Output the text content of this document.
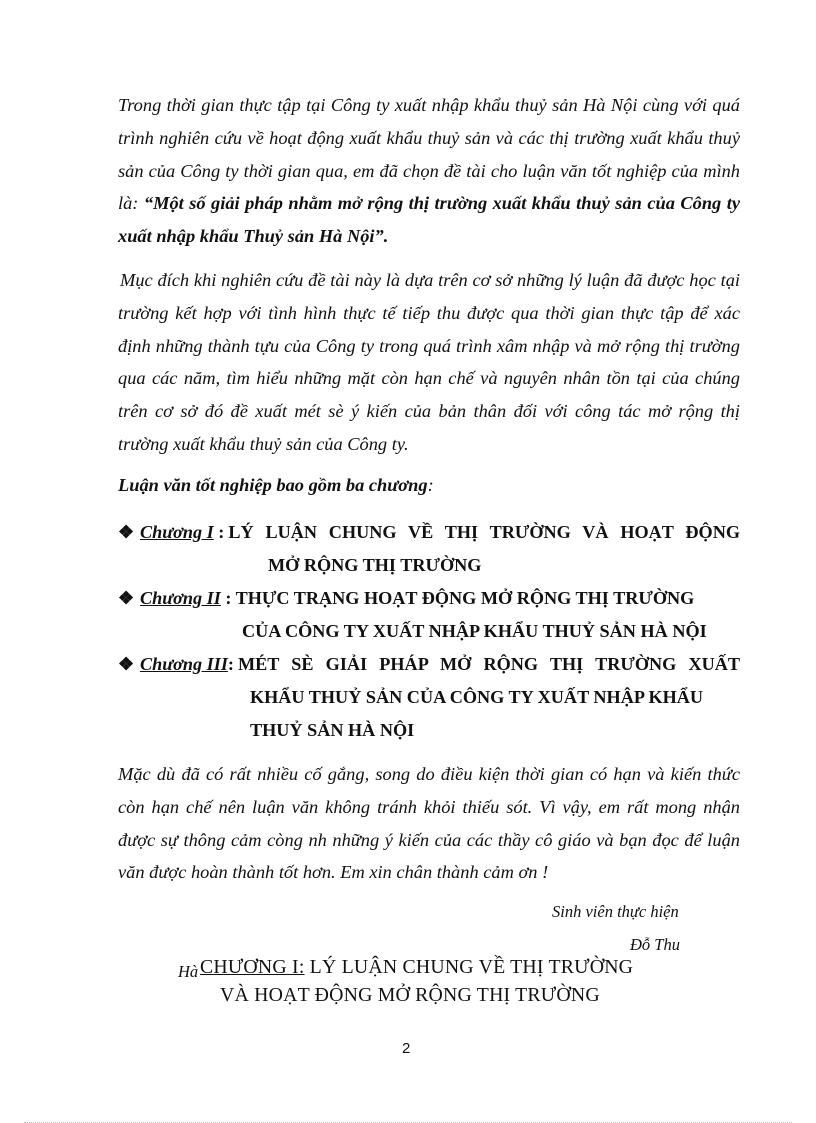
Trong thời gian thực tập tại Công ty xuất nhập khẩu thuỷ sản Hà Nội cùng với quá trình nghiên cứu về hoạt động xuất khẩu thuỷ sản và các thị trường xuất khẩu thuỷ sản của Công ty thời gian qua, em đã chọn đề tài cho luận văn tốt nghiệp của mình là: “Một số giải pháp nhằm mở rộng thị trường xuất khẩu thuỷ sản của Công ty xuất nhập khẩu Thuỷ sản Hà Nội”.

Mục đích khi nghiên cứu đề tài này là dựa trên cơ sở những lý luận đã được học tại trường kết hợp với tình hình thực tế tiếp thu được qua thời gian thực tập để xác định những thành tựu của Công ty trong quá trình xâm nhập và mở rộng thị trường qua các năm, tìm hiểu những mặt còn hạn chế và nguyên nhân tồn tại của chúng trên cơ sở đó đề xuất mét sè ý kiến của bản thân đối với công tác mở rộng thị trường xuất khẩu thuỷ sản của Công ty.

Luận văn tốt nghiệp bao gồm ba chương:
❖ Chương I : LÝ LUẬN CHUNG VỀ THỊ TRƯỜNG VÀ HOẠT ĐỘNG
MỞ RỘNG THỊ TRƯỜNG
❖ Chương II : THỰC TRẠNG HOẠT ĐỘNG MỞ RỘNG THỊ TRƯỜNG
CỦA CÔNG TY XUẤT NHẬP KHẨU THUỶ SẢN HÀ NỘI
❖ Chương III: MÉT SÈ GIẢI PHÁP MỞ RỘNG THỊ TRƯỜNG XUẤT
KHẨU THUỶ SẢN CỦA CÔNG TY XUẤT NHẬP KHẨU
THUỶ SẢN HÀ NỘI

Mặc dù đã có rất nhiều cố gắng, song do điều kiện thời gian có hạn và kiến thức còn hạn chế nên luận văn không tránh khỏi thiếu sót. Vì vậy, em rất mong nhận được sự thông cảm còng nh những ý kiến của các thầy cô giáo và bạn đọc để luận văn được hoàn thành tốt hơn. Em xin chân thành cảm ơn !

Sinh viên thực hiện
Đỗ Thu
Hà CHƯƠNG I: LÝ LUẬN CHUNG VỀ THỊ TRƯỜNG
VÀ HOẠT ĐỘNG MỞ RỘNG THỊ TRƯỜNG
2
